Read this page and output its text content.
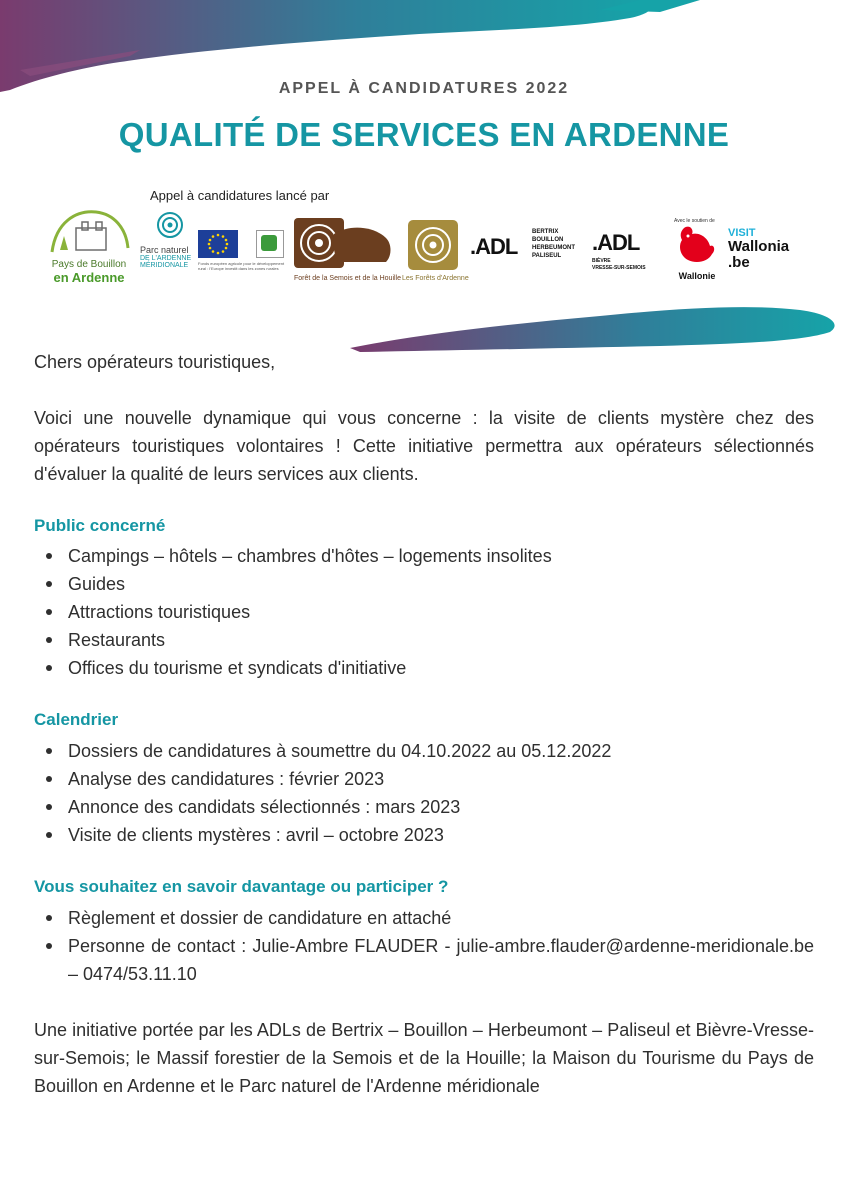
APPEL À CANDIDATURES 2022
QUALITÉ DE SERVICES EN ARDENNE
Appel à candidatures lancé par
Pays de Bouillon
en Ardenne
Parc naturel
DE L'ARDENNE
MÉRIDIONALE	Fonds européen agricole pour le développement rural : l'Europe investit dans les zones rurales
Forêt de la Semois et de la Houille Les Forêts d'Ardenne
.ADL
BERTRIX
BOUILLON
HERBEUMONT
PALISEUL
.ADL
BIÈVRE
VRESSE-SUR-SEMOIS
Avec le soutien de
Wallonie
VISIT
Wallonia
.be

Chers opérateurs touristiques,

Voici une nouvelle dynamique qui vous concerne : la visite de clients mystère chez des opérateurs touristiques volontaires ! Cette initiative permettra aux opérateurs sélectionnés d'évaluer la qualité de leurs services aux clients.

Public concerné
Campings – hôtels – chambres d'hôtes – logements insolites
Guides
Attractions touristiques
Restaurants
Offices du tourisme et syndicats d'initiative
Calendrier
Dossiers de candidatures à soumettre du 04.10.2022 au 05.12.2022
Analyse des candidatures : février 2023
Annonce des candidats sélectionnés : mars 2023
Visite de clients mystères : avril – octobre 2023
Vous souhaitez en savoir davantage ou participer ?
Règlement et dossier de candidature en attaché
Personne de contact : Julie-Ambre FLAUDER - julie-ambre.flauder@ardenne-meridionale.be – 0474/53.11.10

Une initiative portée par les ADLs de Bertrix – Bouillon – Herbeumont – Paliseul et Bièvre-Vresse-sur-Semois; le Massif forestier de la Semois et de la Houille; la Maison du Tourisme du Pays de Bouillon en Ardenne et le Parc naturel de l'Ardenne méridionale
